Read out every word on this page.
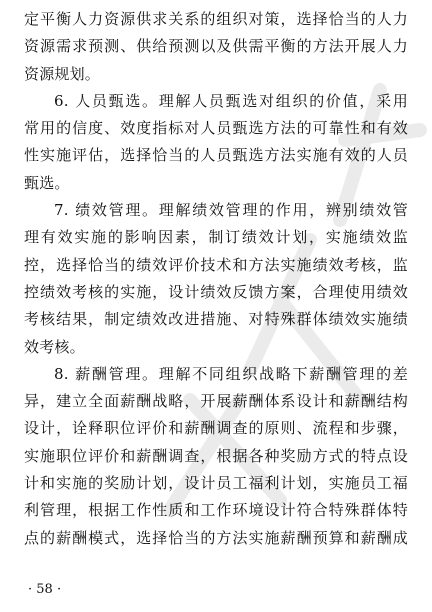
定平衡人力资源供求关系的组织对策，选择恰当的人力
资源需求预测、供给预测以及供需平衡的方法开展人力
资源规划。
6. 人员甄选。理解人员甄选对组织的价值，采用
常用的信度、效度指标对人员甄选方法的可靠性和有效
性实施评估，选择恰当的人员甄选方法实施有效的人员
甄选。
7. 绩效管理。理解绩效管理的作用，辨别绩效管
理有效实施的影响因素，制订绩效计划，实施绩效监
控，选择恰当的绩效评价技术和方法实施绩效考核，监
控绩效考核的实施，设计绩效反馈方案，合理使用绩效
考核结果，制定绩效改进措施、对特殊群体绩效实施绩
效考核。
8. 薪酬管理。理解不同组织战略下薪酬管理的差
异，建立全面薪酬战略，开展薪酬体系设计和薪酬结构
设计，诠释职位评价和薪酬调查的原则、流程和步骤，
实施职位评价和薪酬调查，根据各种奖励方式的特点设
计和实施的奖励计划，设计员工福利计划，实施员工福
利管理，根据工作性质和工作环境设计符合特殊群体特
点的薪酬模式，选择恰当的方法实施薪酬预算和薪酬成
· 58 ·
